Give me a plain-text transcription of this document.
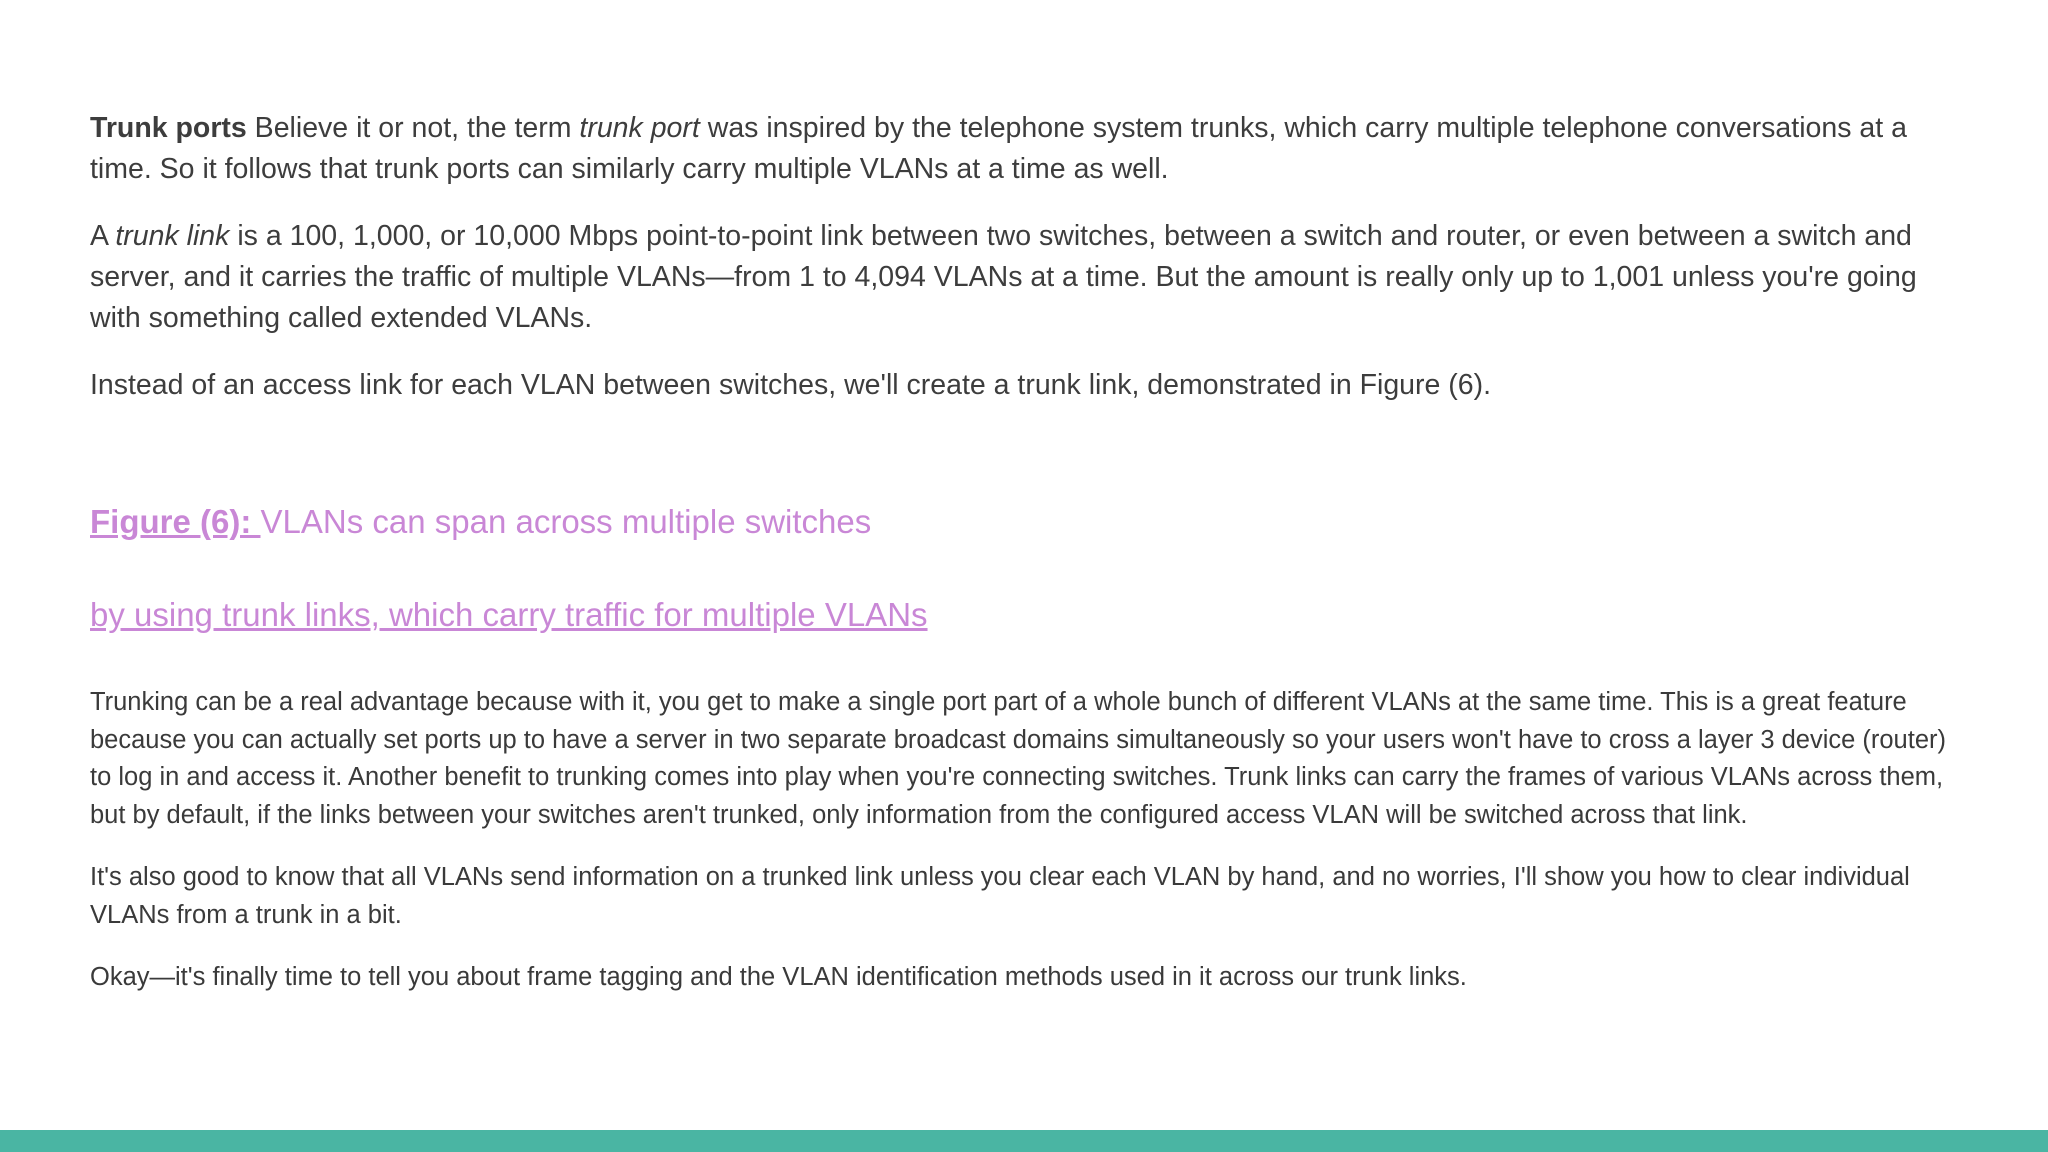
Trunk ports Believe it or not, the term trunk port was inspired by the telephone system trunks, which carry multiple telephone conversations at a time. So it follows that trunk ports can similarly carry multiple VLANs at a time as well.

A trunk link is a 100, 1,000, or 10,000 Mbps point-to-point link between two switches, between a switch and router, or even between a switch and server, and it carries the traffic of multiple VLANs—from 1 to 4,094 VLANs at a time. But the amount is really only up to 1,001 unless you're going with something called extended VLANs.

Instead of an access link for each VLAN between switches, we'll create a trunk link, demonstrated in Figure (6).

Figure (6): VLANs can span across multiple switches

by using trunk links, which carry traffic for multiple VLANs

Trunking can be a real advantage because with it, you get to make a single port part of a whole bunch of different VLANs at the same time. This is a great feature because you can actually set ports up to have a server in two separate broadcast domains simultaneously so your users won't have to cross a layer 3 device (router) to log in and access it. Another benefit to trunking comes into play when you're connecting switches. Trunk links can carry the frames of various VLANs across them, but by default, if the links between your switches aren't trunked, only information from the configured access VLAN will be switched across that link.

It's also good to know that all VLANs send information on a trunked link unless you clear each VLAN by hand, and no worries, I'll show you how to clear individual VLANs from a trunk in a bit.

Okay—it's finally time to tell you about frame tagging and the VLAN identification methods used in it across our trunk links.
